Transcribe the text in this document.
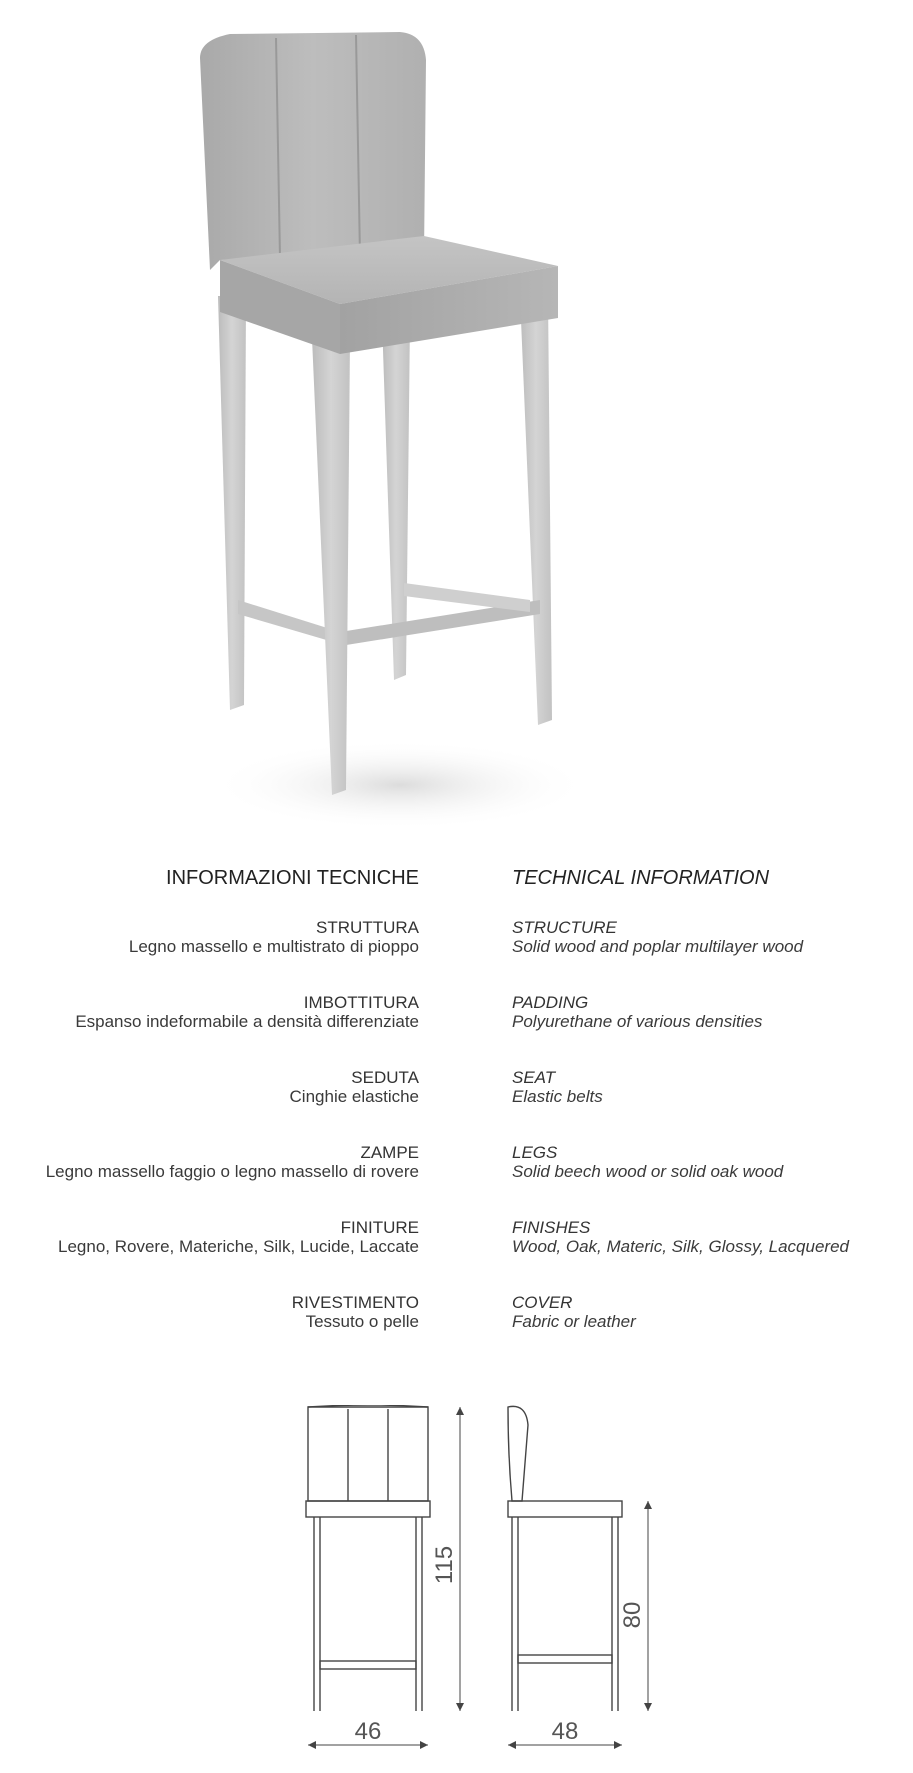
INFORMAZIONI TECNICHE
STRUTTURA
Legno massello e multistrato di pioppo
IMBOTTITURA
Espanso indeformabile a densità differenziate
SEDUTA
Cinghie elastiche
ZAMPE
Legno massello faggio o legno massello di rovere
FINITURE
Legno, Rovere, Materiche, Silk, Lucide, Laccate
RIVESTIMENTO
Tessuto o pelle
TECHNICAL INFORMATION
STRUCTURE
Solid wood and poplar multilayer wood
PADDING
Polyurethane of various densities
SEAT
Elastic belts
LEGS
Solid beech wood or solid oak wood
FINISHES
Wood, Oak, Materic, Silk, Glossy, Lacquered
COVER
Fabric or leather
46	48
115
80
